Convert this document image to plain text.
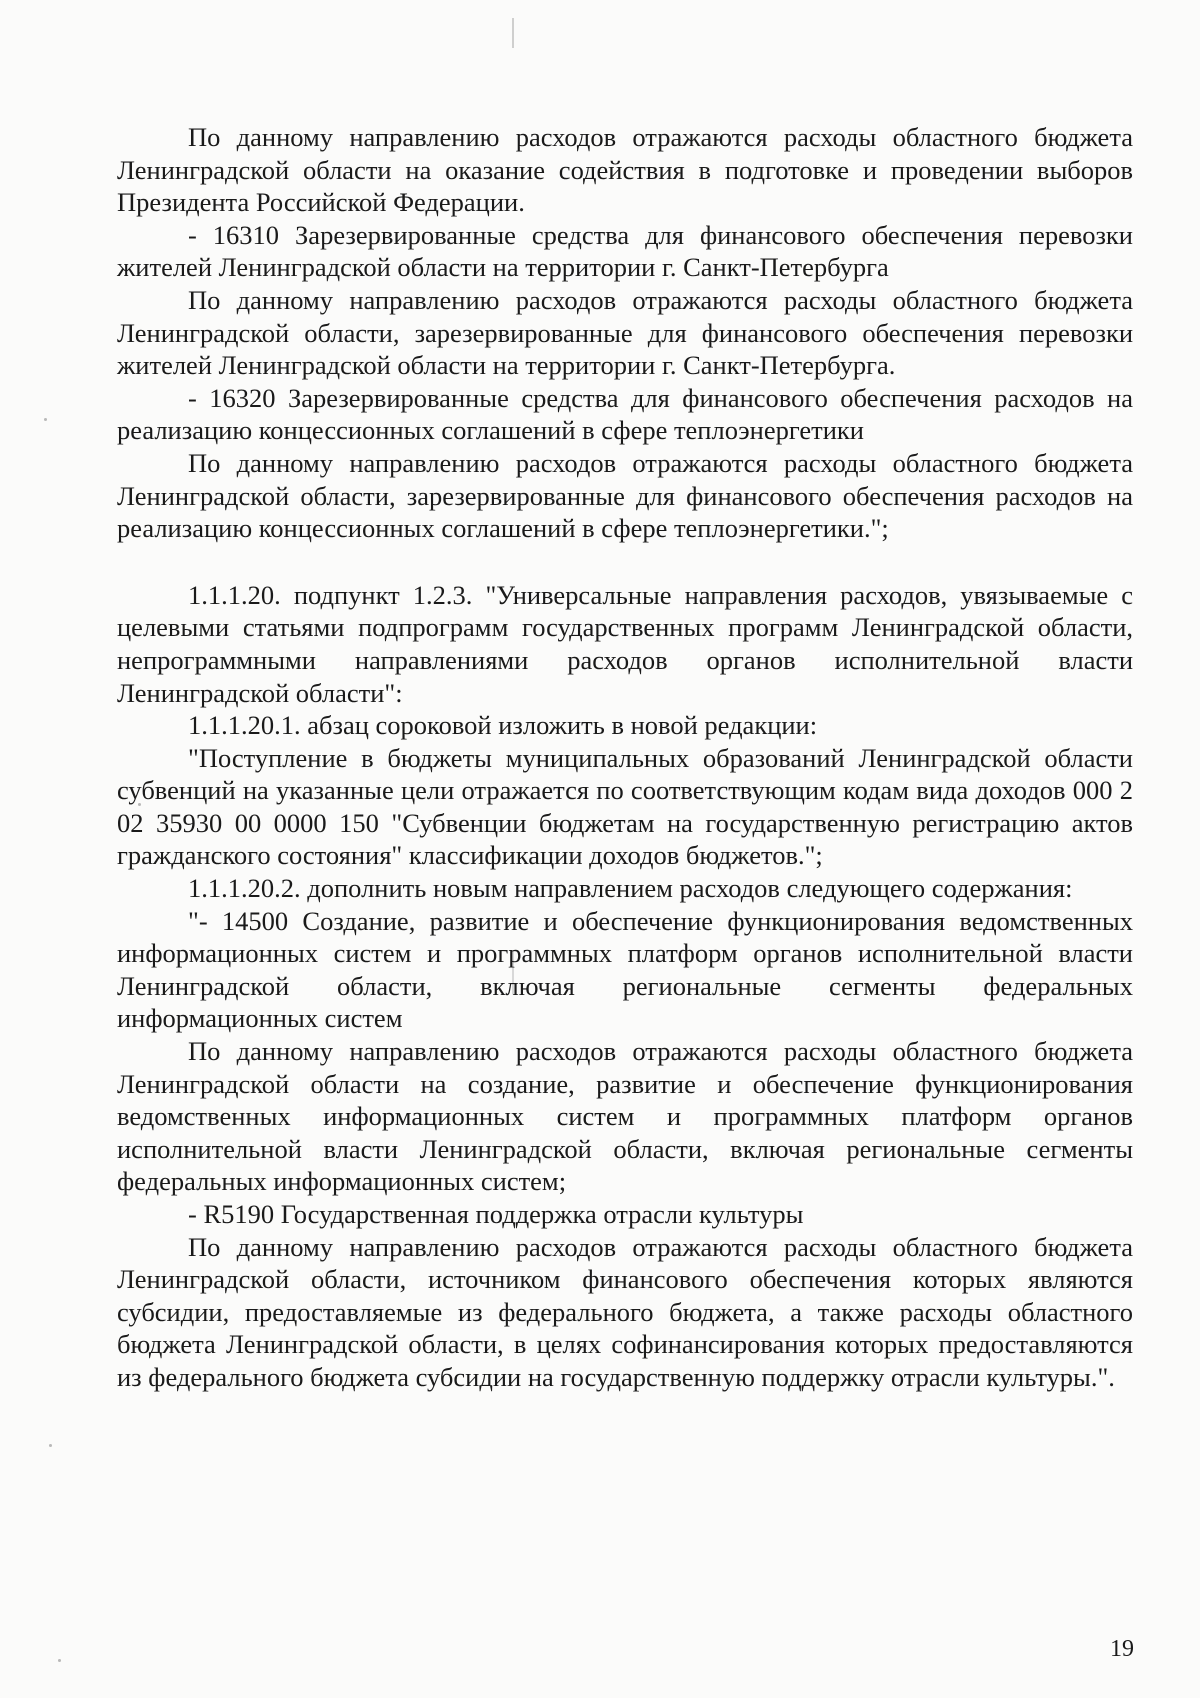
По данному направлению расходов отражаются расходы областного бюджета Ленинградской области на оказание содействия в подготовке и проведении выборов Президента Российской Федерации.

- 16310 Зарезервированные средства для финансового обеспечения перевозки жителей Ленинградской области на территории г. Санкт-Петербурга

По данному направлению расходов отражаются расходы областного бюджета Ленинградской области, зарезервированные для финансового обеспечения перевозки жителей Ленинградской области на территории г. Санкт-Петербурга.

- 16320 Зарезервированные средства для финансового обеспечения расходов на реализацию концессионных соглашений в сфере теплоэнергетики

По данному направлению расходов отражаются расходы областного бюджета Ленинградской области, зарезервированные для финансового обеспечения расходов на реализацию концессионных соглашений в сфере теплоэнергетики.";

1.1.1.20. подпункт 1.2.3. "Универсальные направления расходов, увязываемые с целевыми статьями подпрограмм государственных программ Ленинградской области, непрограммными направлениями расходов органов исполнительной власти Ленинградской области":

1.1.1.20.1. абзац сороковой изложить в новой редакции:

"Поступление в бюджеты муниципальных образований Ленинградской области субвенций на указанные цели отражается по соответствующим кодам вида доходов 000 2 02 35930 00 0000 150 "Субвенции бюджетам на государственную регистрацию актов гражданского состояния" классификации доходов бюджетов.";

1.1.1.20.2. дополнить новым направлением расходов следующего содержания:

"- 14500 Создание, развитие и обеспечение функционирования ведомственных информационных систем и программных платформ органов исполнительной власти Ленинградской области, включая региональные сегменты федеральных информационных систем

По данному направлению расходов отражаются расходы областного бюджета Ленинградской области на создание, развитие и обеспечение функционирования ведомственных информационных систем и программных платформ органов исполнительной власти Ленинградской области, включая региональные сегменты федеральных информационных систем;

- R5190 Государственная поддержка отрасли культуры

По данному направлению расходов отражаются расходы областного бюджета Ленинградской области, источником финансового обеспечения которых являются субсидии, предоставляемые из федерального бюджета, а также расходы областного бюджета Ленинградской области, в целях софинансирования которых предоставляются из федерального бюджета субсидии на государственную поддержку отрасли культуры.".

19
